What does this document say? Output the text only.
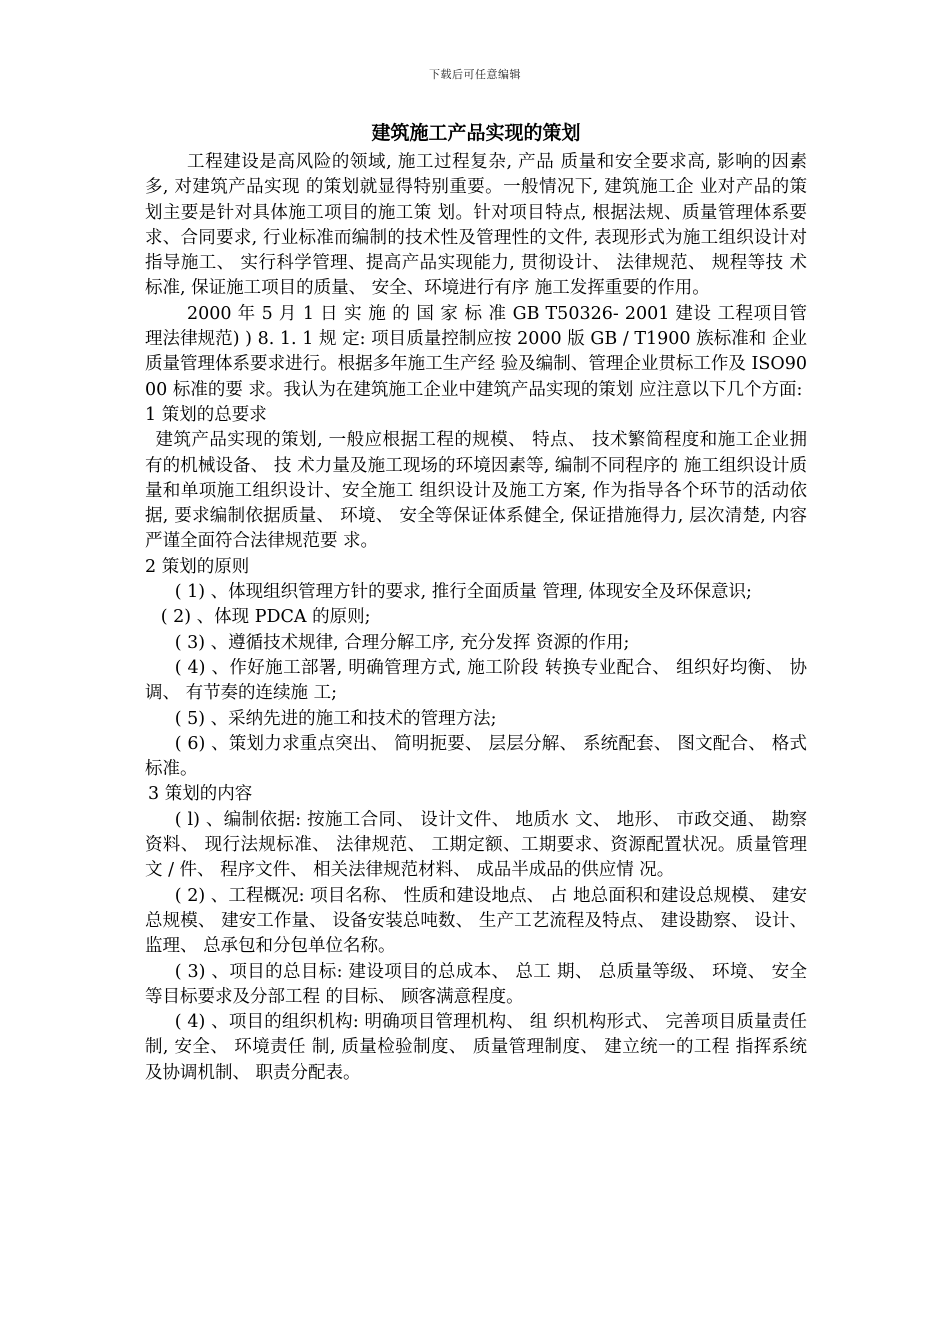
下载后可任意编辑
建筑施工产品实现的策划

工程建设是高风险的领域, 施工过程复杂, 产品 质量和安全要求高, 影响的因素多, 对建筑产品实现 的策划就显得特别重要。一般情况下, 建筑施工企 业对产品的策划主要是针对具体施工项目的施工策 划。针对项目特点, 根据法规、质量管理体系要求、合同要求, 行业标准而编制的技术性及管理性的文件, 表现形式为施工组织设计对指导施工、 实行科学管理、提高产品实现能力, 贯彻设计、 法律规范、 规程等技 术标准, 保证施工项目的质量、 安全、环境进行有序 施工发挥重要的作用。

2000 年 5 月 1 日 实 施 的 国 家 标 准 GB T50326- 2001 建设 工程项目管理法律规范) ) 8. 1. 1 规 定: 项目质量控制应按 2000 版 GB / T1900 族标准和 企业质量管理体系要求进行。根据多年施工生产经 验及编制、管理企业贯标工作及 ISO9000 标准的要 求。我认为在建筑施工企业中建筑产品实现的策划 应注意以下几个方面:

1 策划的总要求

建筑产品实现的策划, 一般应根据工程的规模、 特点、 技术繁简程度和施工企业拥有的机械设备、 技 术力量及施工现场的环境因素等, 编制不同程序的 施工组织设计质量和单项施工组织设计、安全施工 组织设计及施工方案, 作为指导各个环节的活动依 据, 要求编制依据质量、 环境、 安全等保证体系健全, 保证措施得力, 层次清楚, 内容严谨全面符合法律规范要 求。

2 策划的原则

( 1) 、体现组织管理方针的要求, 推行全面质量 管理, 体现安全及环保意识;

( 2) 、体现 PDCA 的原则;

( 3) 、遵循技术规律, 合理分解工序, 充分发挥 资源的作用;

( 4) 、作好施工部署, 明确管理方式, 施工阶段 转换专业配合、 组织好均衡、 协调、 有节奏的连续施 工;

( 5) 、采纳先进的施工和技术的管理方法;

( 6) 、策划力求重点突出、 简明扼要、 层层分解、 系统配套、 图文配合、 格式标准。

3 策划的内容

( l) 、编制依据: 按施工合同、 设计文件、 地质水 文、 地形、 市政交通、 勘察资料、 现行法规标准、 法律规范、 工期定额、工期要求、资源配置状况。质量管理文 / 件、 程序文件、 相关法律规范材料、 成品半成品的供应情 况。

( 2) 、工程概况: 项目名称、 性质和建设地点、 占 地总面积和建设总规模、 建安总规模、 建安工作量、 设备安装总吨数、 生产工艺流程及特点、 建设勘察、 设计、 监理、 总承包和分包单位名称。

( 3) 、项目的总目标: 建设项目的总成本、 总工 期、 总质量等级、 环境、 安全等目标要求及分部工程 的目标、 顾客满意程度。

( 4) 、项目的组织机构: 明确项目管理机构、 组 织机构形式、 完善项目质量责任制, 安全、 环境责任 制, 质量检验制度、 质量管理制度、 建立统一的工程 指挥系统及协调机制、 职责分配表。
